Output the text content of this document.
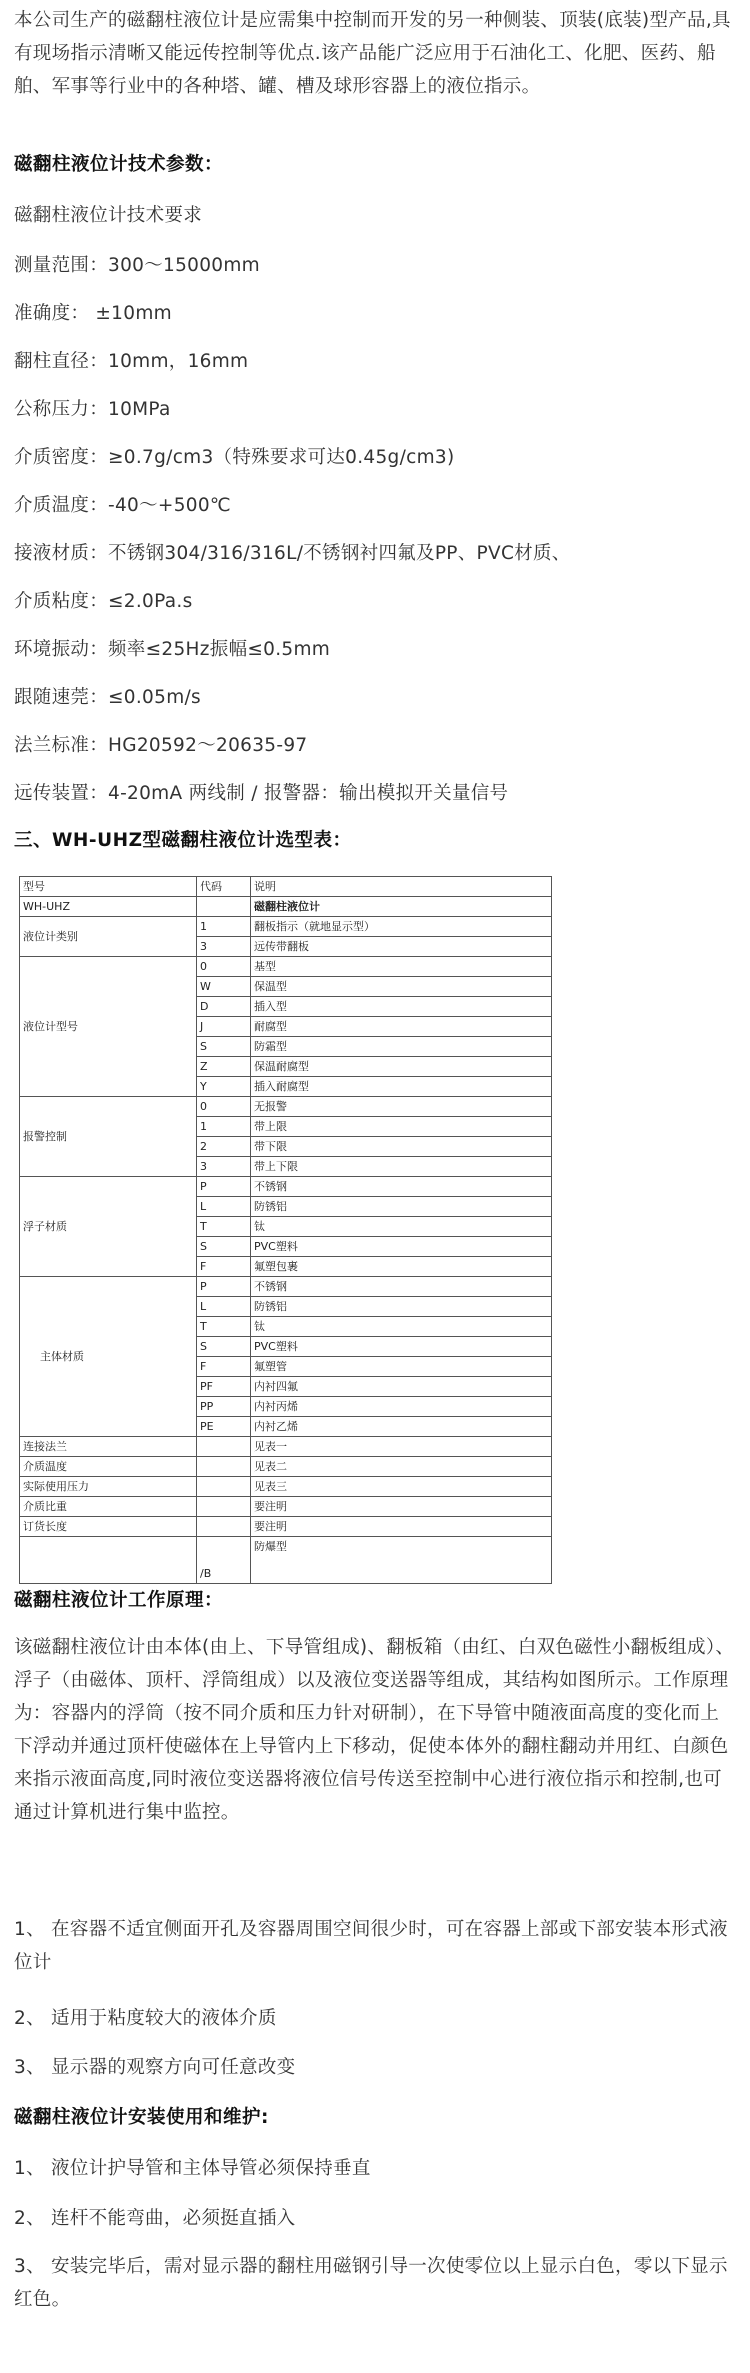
本公司生产的磁翻柱液位计是应需集中控制而开发的另一种侧装、顶装(底装)型产品,具有现场指示清晰又能远传控制等优点.该产品能广泛应用于石油化工、化肥、医药、船舶、军事等行业中的各种塔、罐、槽及球形容器上的液位指示。

磁翻柱液位计技术参数：

磁翻柱液位计技术要求

测量范围：300～15000mm

准确度： ±10mm

翻柱直径：10mm，16mm

公称压力：10MPa

介质密度：≥0.7g/cm3（特殊要求可达0.45g/cm3)

介质温度：-40～+500℃

接液材质：不锈钢304/316/316L/不锈钢衬四氟及PP、PVC材质、

介质粘度：≤2.0Pa.s

环境振动：频率≤25Hz振幅≤0.5mm

跟随速莞：≤0.05m/s

法兰标准：HG20592～20635-97

远传装置：4-20mA 两线制 / 报警器：输出模拟开关量信号

三、WH-UHZ型磁翻柱液位计选型表：

型号	代码	说明
WH-UHZ		磁翻柱液位计
液位计类别	1	翻板指示（就地显示型）
	3	远传带翻板
液位计型号	0	基型
	W	保温型
	D	插入型
	J	耐腐型
	S	防霜型
	Z	保温耐腐型
	Y	插入耐腐型
报警控制	0	无报警
	1	带上限
	2	带下限
	3	带上下限
浮子材质	P	不锈钢
	L	防锈铝
	T	钛
	S	PVC塑料
	F	氟塑包裹
主体材质	P	不锈钢
	L	防锈铝
	T	钛
	S	PVC塑料
	F	氟塑管
	PF	内衬四氟
	PP	内衬丙烯
	PE	内衬乙烯
连接法兰		见表一
介质温度		见表二
实际使用压力		见表三
介质比重		要注明
订货长度		要注明
	/B	防爆型

磁翻柱液位计工作原理：

该磁翻柱液位计由本体(由上、下导管组成)、翻板箱（由红、白双色磁性小翻板组成）、浮子（由磁体、顶杆、浮筒组成）以及液位变送器等组成，其结构如图所示。工作原理为：容器内的浮筒（按不同介质和压力针对研制），在下导管中随液面高度的变化而上下浮动并通过顶杆使磁体在上导管内上下移动，促使本体外的翻柱翻动并用红、白颜色来指示液面高度,同时液位变送器将液位信号传送至控制中心进行液位指示和控制,也可通过计算机进行集中监控。

1、 在容器不适宜侧面开孔及容器周围空间很少时，可在容器上部或下部安装本形式液位计

2、 适用于粘度较大的液体介质

3、 显示器的观察方向可任意改变

磁翻柱液位计安装使用和维护:

1、 液位计护导管和主体导管必须保持垂直

2、 连杆不能弯曲，必须挺直插入

3、 安装完毕后，需对显示器的翻柱用磁钢引导一次使零位以上显示白色，零以下显示红色。
